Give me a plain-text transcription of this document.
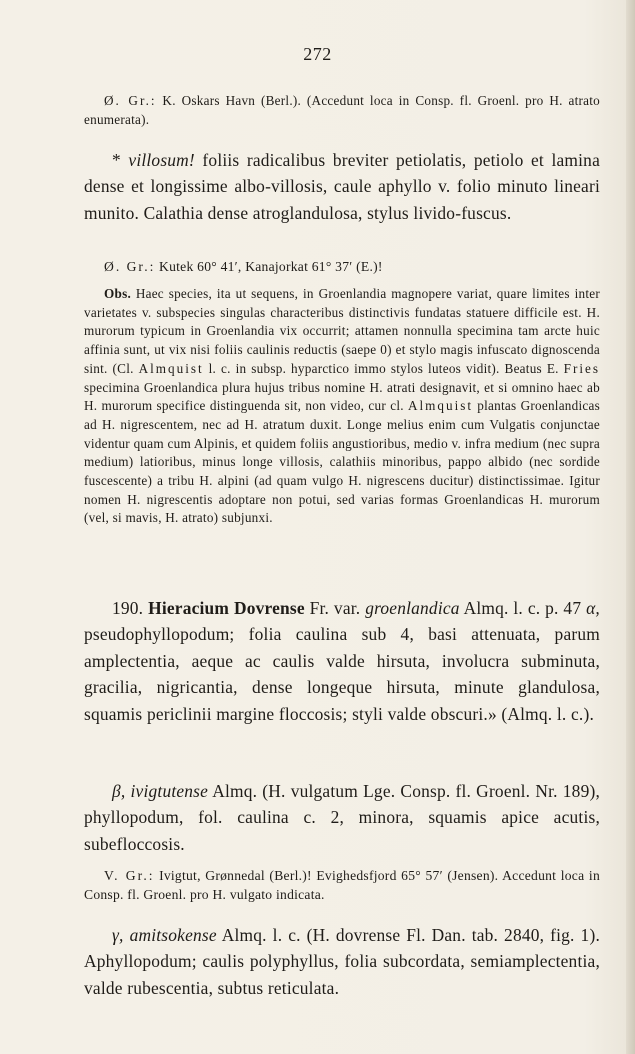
272
Ø. Gr.: K. Oskars Havn (Berl.). (Accedunt loca in Consp. fl. Groenl. pro H. atrato enumerata).
* villosum! foliis radicalibus breviter petiolatis, petiolo et lamina dense et longissime albo-villosis, caule aphyllo v. folio minuto lineari munito. Calathia dense atroglandulosa, stylus livido-fuscus.
Ø. Gr.: Kutek 60° 41′, Kanajorkat 61° 37′ (E.)!
Obs. Haec species, ita ut sequens, in Groenlandia magnopere variat, quare limites inter varietates v. subspecies singulas characteribus distinctivis fundatas statuere difficile est. H. murorum typicum in Groenlandia vix occurrit; attamen nonnulla specimina tam arcte huic affinia sunt, ut vix nisi foliis caulinis reductis (saepe 0) et stylo magis infuscato dignoscenda sint. (Cl. Almquist l. c. in subsp. hyparctico immo stylos luteos vidit). Beatus E. Fries specimina Groenlandica plura hujus tribus nomine H. atrati designavit, et si omnino haec ab H. murorum specifice distinguenda sit, non video, cur cl. Almquist plantas Groenlandicas ad H. nigrescentem, nec ad H. atratum duxit. Longe melius enim cum Vulgatis conjunctae videntur quam cum Alpinis, et quidem foliis angustioribus, medio v. infra medium (nec supra medium) latioribus, minus longe villosis, calathiis minoribus, pappo albido (nec sordide fuscescente) a tribu H. alpini (ad quam vulgo H. nigrescens ducitur) distinctissimae. Igitur nomen H. nigrescentis adoptare non potui, sed varias formas Groenlandicas H. murorum (vel, si mavis, H. atrato) subjunxi.
190. Hieracium Dovrense Fr. var. groenlandica Almq. l. c. p. 47 α, pseudophyllopodum; folia caulina sub 4, basi attenuata, parum amplectentia, aeque ac caulis valde hirsuta, involucra subminuta, gracilia, nigricantia, dense longeque hirsuta, minute glandulosa, squamis periclinii margine floccosis; styli valde obscuri.» (Almq. l. c.).
β, ivigtutense Almq. (H. vulgatum Lge. Consp. fl. Groenl. Nr. 189), phyllopodum, fol. caulina c. 2, minora, squamis apice acutis, subefloccosis.
V. Gr.: Ivigtut, Grønnedal (Berl.)! Evighedsfjord 65° 57′ (Jensen). Accedunt loca in Consp. fl. Groenl. pro H. vulgato indicata.
γ, amitsokense Almq. l. c. (H. dovrense Fl. Dan. tab. 2840, fig. 1). Aphyllopodum; caulis polyphyllus, folia subcordata, semiamplectentia, valde rubescentia, subtus reticulata.
